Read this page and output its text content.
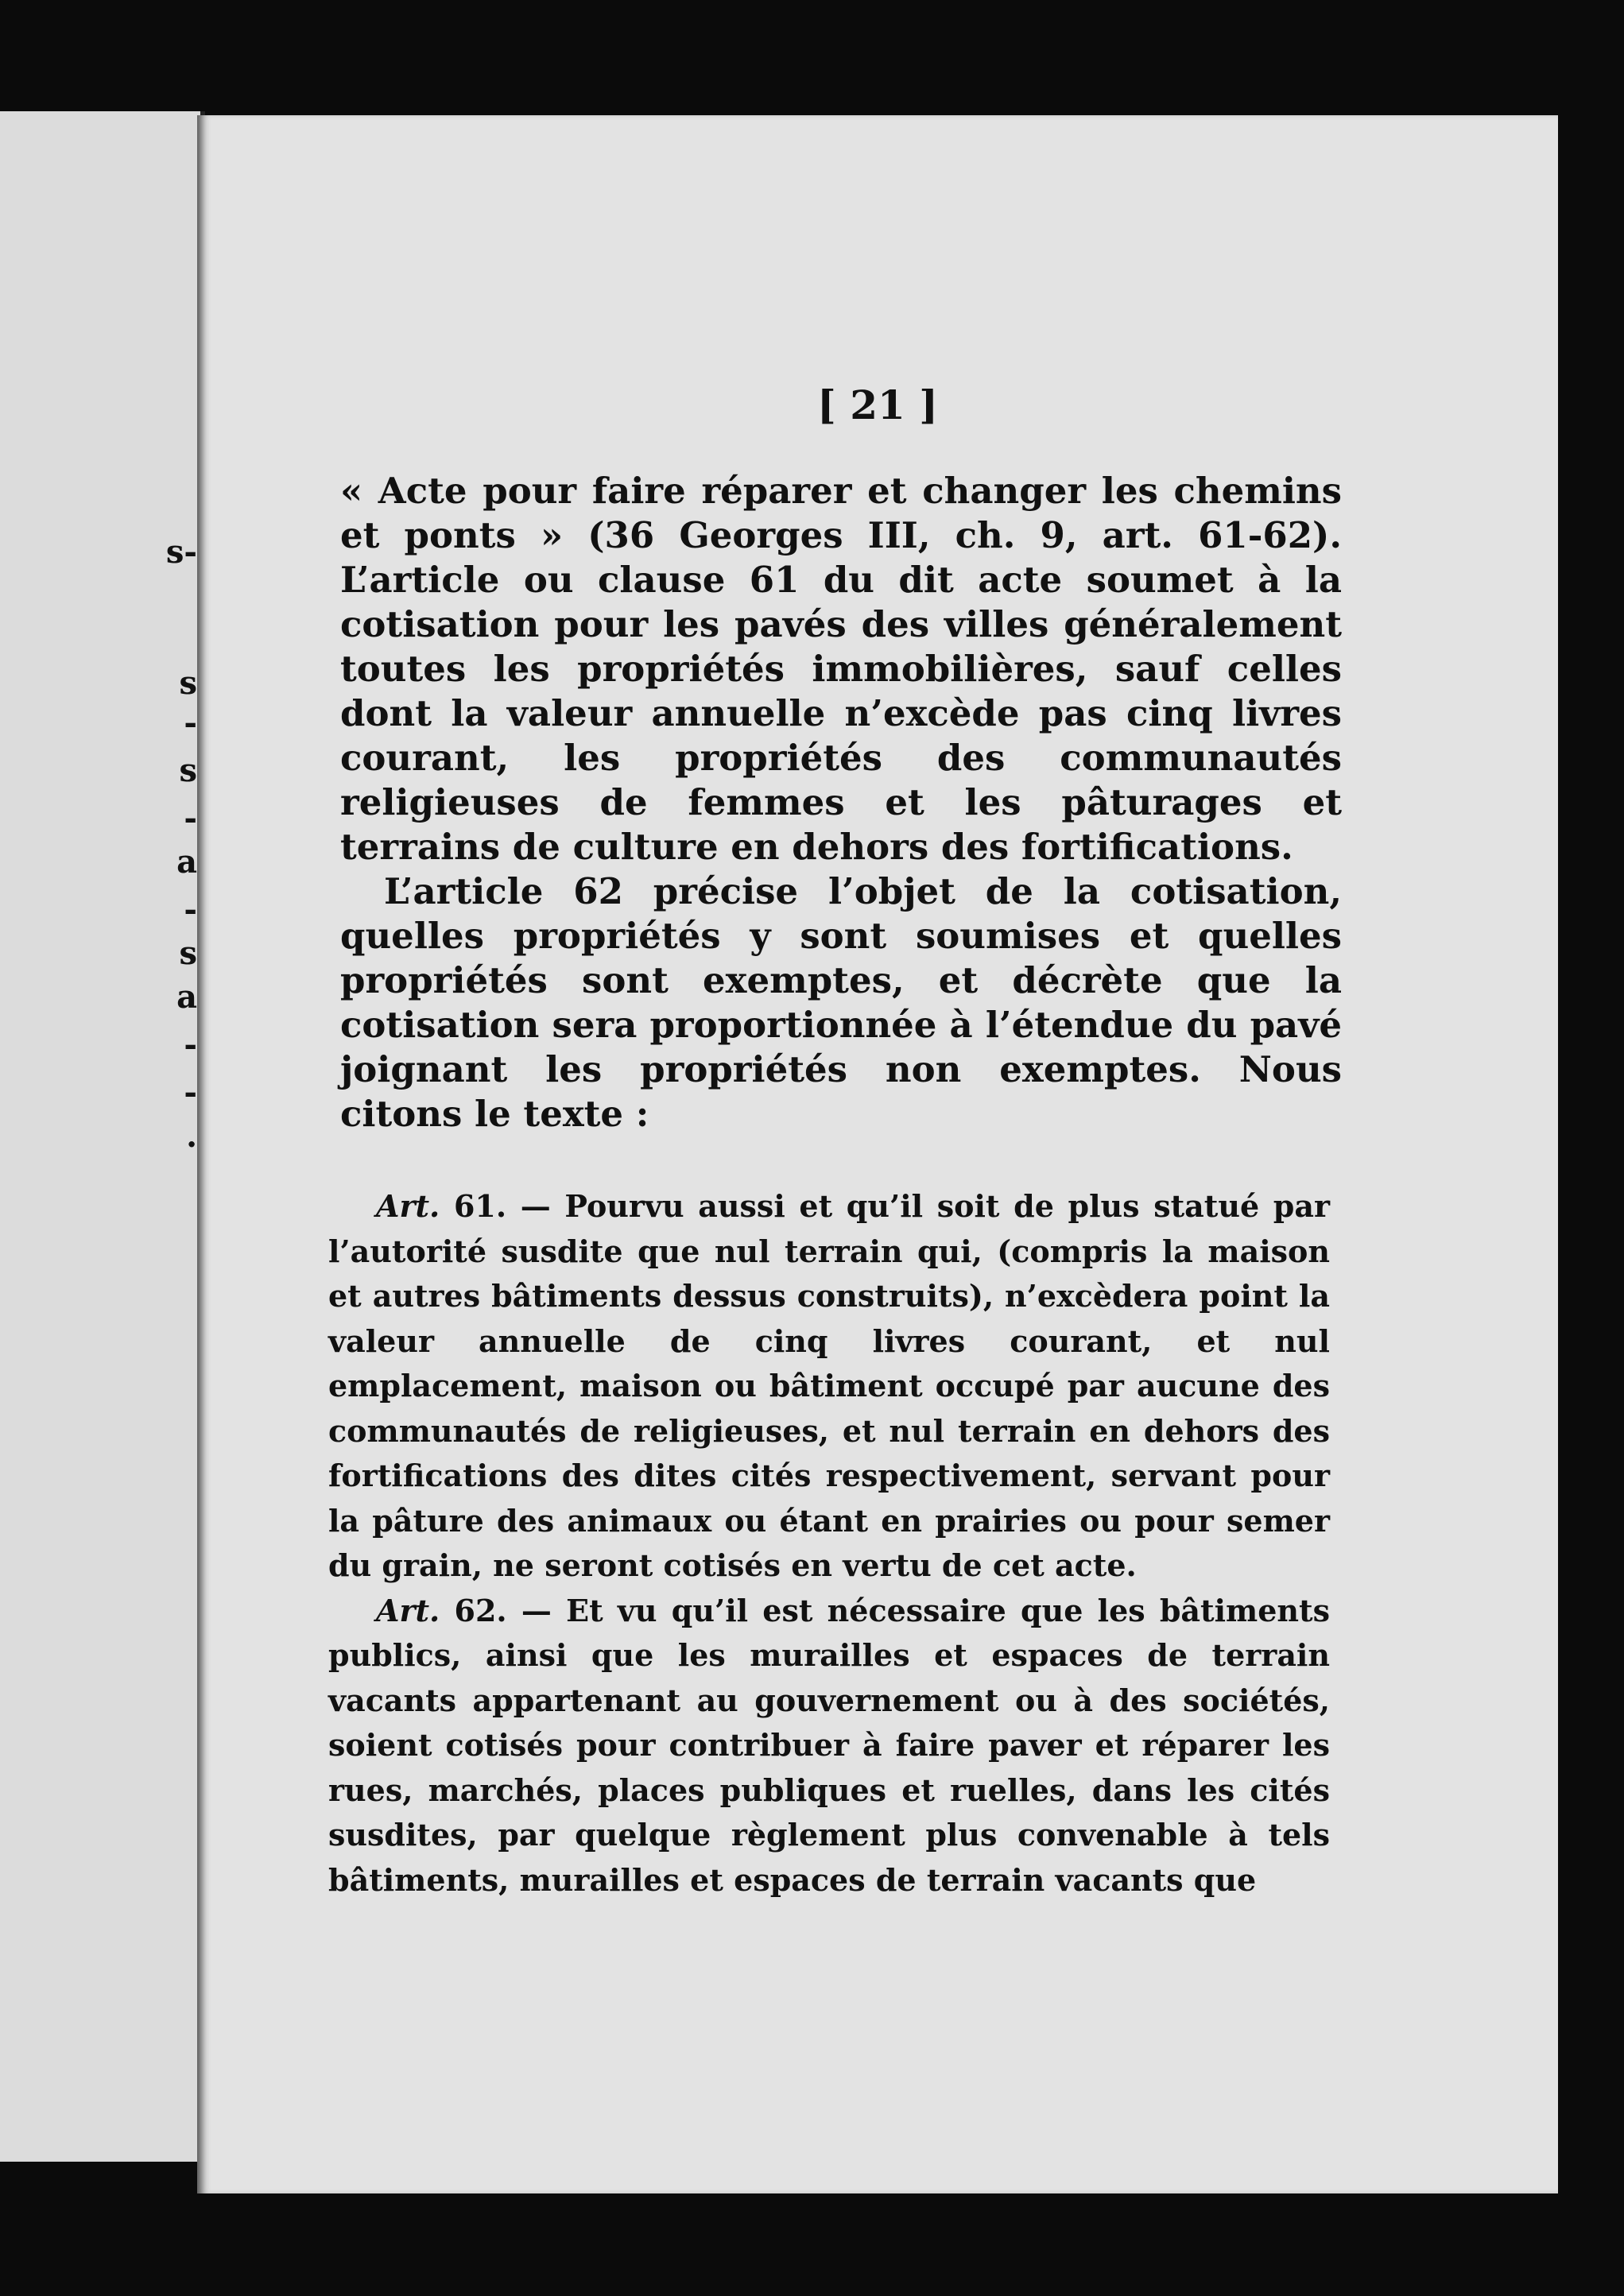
s-
s
-
s
-
a
-
s
a
-
-
.
[ 21 ]

« Acte pour faire réparer et changer les chemins et ponts » (36 Georges III, ch. 9, art. 61-62). L’article ou clause 61 du dit acte soumet à la cotisation pour les pavés des villes généralement toutes les propriétés immobilières, sauf celles dont la valeur annuelle n’excède pas cinq livres courant, les propriétés des communautés religieuses de femmes et les pâturages et terrains de culture en dehors des fortifications.

L’article 62 précise l’objet de la cotisation, quelles propriétés y sont soumises et quelles propriétés sont exemptes, et décrète que la cotisation sera proportionnée à l’étendue du pavé joignant les propriétés non exemptes. Nous citons le texte :

Art. 61. — Pourvu aussi et qu’il soit de plus statué par l’autorité susdite que nul terrain qui, (compris la maison et autres bâtiments dessus construits), n’excèdera point la valeur annuelle de cinq livres courant, et nul emplacement, maison ou bâtiment occupé par aucune des communautés de religieuses, et nul terrain en dehors des fortifications des dites cités respectivement, servant pour la pâture des animaux ou étant en prairies ou pour semer du grain, ne seront cotisés en vertu de cet acte.

Art. 62. — Et vu qu’il est nécessaire que les bâtiments publics, ainsi que les murailles et espaces de terrain vacants appartenant au gouvernement ou à des sociétés, soient cotisés pour contribuer à faire paver et réparer les rues, marchés, places publiques et ruelles, dans les cités susdites, par quelque règlement plus convenable à tels bâtiments, murailles et espaces de terrain vacants que
